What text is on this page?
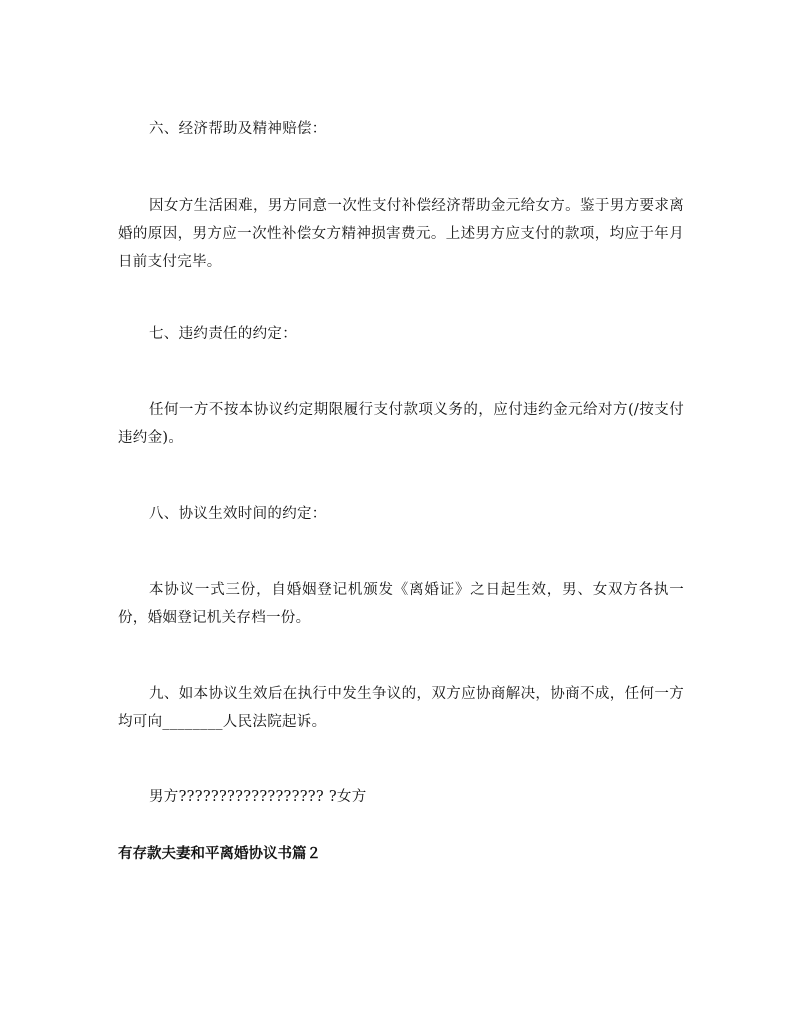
六、经济帮助及精神赔偿：

因女方生活困难，男方同意一次性支付补偿经济帮助金元给女方。鉴于男方要求离婚的原因，男方应一次性补偿女方精神损害费元。上述男方应支付的款项，均应于年月日前支付完毕。

七、违约责任的约定：

任何一方不按本协议约定期限履行支付款项义务的，应付违约金元给对方(/按支付违约金)。

八、协议生效时间的约定：

本协议一式三份，自婚姻登记机颁发《离婚证》之日起生效，男、女双方各执一份，婚姻登记机关存档一份。

九、如本协议生效后在执行中发生争议的，双方应协商解决，协商不成，任何一方均可向________人民法院起诉。

男方?????????????????? ?女方

有存款夫妻和平离婚协议书篇２
